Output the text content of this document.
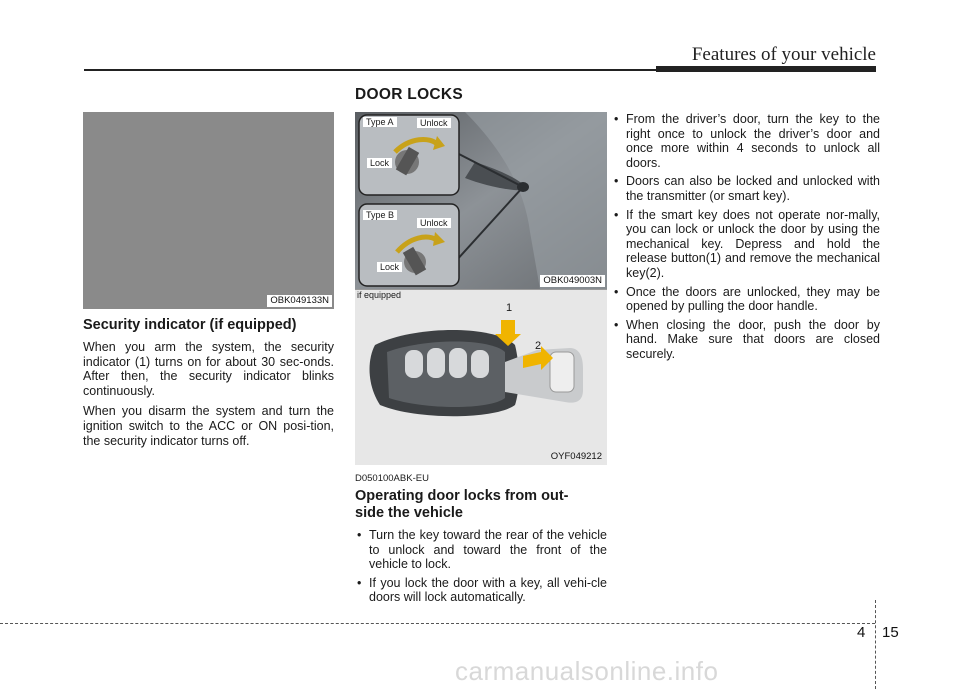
Features of your vehicle
DOOR LOCKS
OBK049133N
Security indicator (if equipped)

When you arm the system, the security indicator (1) turns on for about 30 sec-onds. After then, the security indicator blinks continuously.

When you disarm the system and turn the ignition switch to the ACC or ON posi-tion, the security indicator turns off.

Type A	Unlock
Lock
Type B
Unlock
Lock
OBK049003N
if equipped
1
2
OYF049212
D050100ABK-EU
Operating door locks from out-side the vehicle
• Turn the key toward the rear of the vehicle to unlock and toward the front of the vehicle to lock.
• If you lock the door with a key, all vehi-cle doors will lock automatically.
• From the driver’s door, turn the key to the right once to unlock the driver’s door and once more within 4 seconds to unlock all doors.
• Doors can also be locked and unlocked with the transmitter (or smart key).
• If the smart key does not operate nor-mally, you can lock or unlock the door by using the mechanical key. Depress and hold the release button(1) and remove the mechanical key(2).
• Once the doors are unlocked, they may be opened by pulling the door handle.
• When closing the door, push the door by hand. Make sure that doors are closed securely.
4 15
carmanualsonline.info
